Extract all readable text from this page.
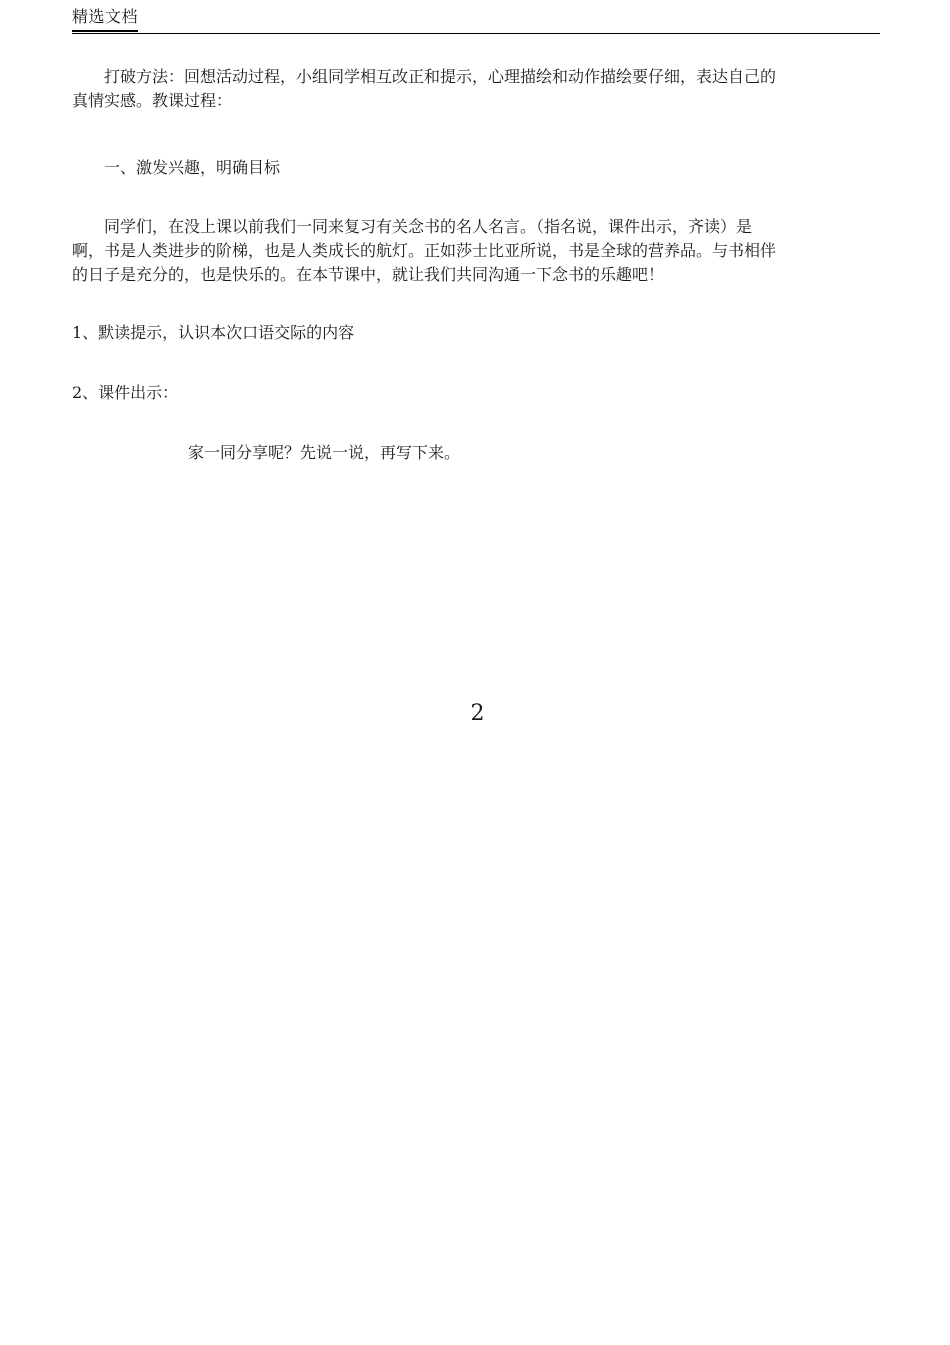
精选文档
　　打破方法：回想活动过程，小组同学相互改正和提示，心理描绘和动作描绘要仔细，表达自己的
真情实感。教课过程：
　　一、激发兴趣，明确目标
　　同学们，在没上课以前我们一同来复习有关念书的名人名言。（指名说，课件出示，齐读）是
啊，书是人类进步的阶梯，也是人类成长的航灯。正如莎士比亚所说，书是全球的营养品。与书相伴
的日子是充分的，也是快乐的。在本节课中，就让我们共同沟通一下念书的乐趣吧！
1、默读提示，认识本次口语交际的内容
2、课件出示：
家一同分享呢？先说一说，再写下来。
2
